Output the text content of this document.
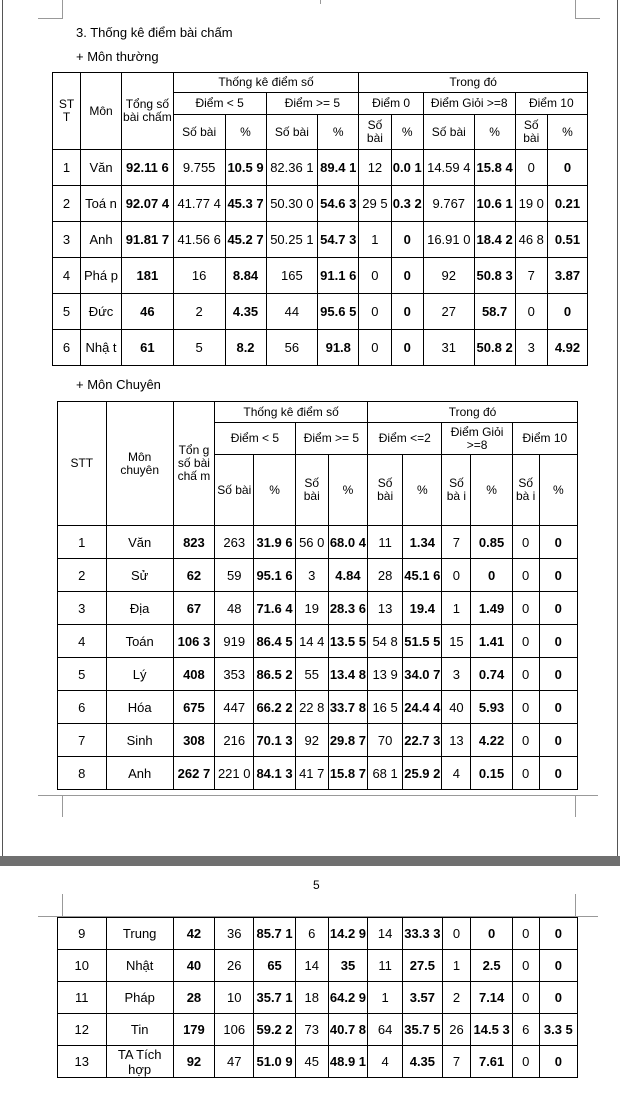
3. Thống kê điểm bài chấm
+ Môn thường
ST T	Môn	Tổng số bài chấm	Thống kê điểm số				Trong đó					
			Điểm < 5		Điểm >= 5		Điểm 0		Điểm Giỏi >=8		Điểm 10	
			Số bài	%	Số bài	%	Số bài	%	Số bài	%	Số bài	%
1	Văn	92.11 6	9.755	10.5 9	82.36 1	89.4 1	12	0.0 1	14.59 4	15.8 4	0	0
2	Toá n	92.07 4	41.77 4	45.3 7	50.30 0	54.6 3	29 5	0.3 2	9.767	10.6 1	19 0	0.21
3	Anh	91.81 7	41.56 6	45.2 7	50.25 1	54.7 3	1	0	16.91 0	18.4 2	46 8	0.51
4	Phá p	181	16	8.84	165	91.1 6	0	0	92	50.8 3	7	3.87
5	Đức	46	2	4.35	44	95.6 5	0	0	27	58.7	0	0
6	Nhậ t	61	5	8.2	56	91.8	0	0	31	50.8 2	3	4.92
+ Môn Chuyên
STT	Môn chuyên	Tổn g số bài chấ m	Thống kê điểm số				Trong đó					
			Điểm < 5		Điểm >= 5		Điểm <=2		Điểm Giỏi >=8		Điểm 10	
			Số bài	%	Số bài	%	Số bài	%	Số bà i	%	Số bà i	%
1	Văn	823	263	31.9 6	56 0	68.0 4	11	1.34	7	0.85	0	0
2	Sử	62	59	95.1 6	3	4.84	28	45.1 6	0	0	0	0
3	Địa	67	48	71.6 4	19	28.3 6	13	19.4	1	1.49	0	0
4	Toán	106 3	919	86.4 5	14 4	13.5 5	54 8	51.5 5	15	1.41	0	0
5	Lý	408	353	86.5 2	55	13.4 8	13 9	34.0 7	3	0.74	0	0
6	Hóa	675	447	66.2 2	22 8	33.7 8	16 5	24.4 4	40	5.93	0	0
7	Sinh	308	216	70.1 3	92	29.8 7	70	22.7 3	13	4.22	0	0
8	Anh	262 7	221 0	84.1 3	41 7	15.8 7	68 1	25.9 2	4	0.15	0	0
5
9	Trung	42	36	85.7 1	6	14.2 9	14	33.3 3	0	0	0	0
10	Nhật	40	26	65	14	35	11	27.5	1	2.5	0	0
11	Pháp	28	10	35.7 1	18	64.2 9	1	3.57	2	7.14	0	0
12	Tin	179	106	59.2 2	73	40.7 8	64	35.7 5	26	14.5 3	6	3.3 5
13	TA Tích hợp	92	47	51.0 9	45	48.9 1	4	4.35	7	7.61	0	0
